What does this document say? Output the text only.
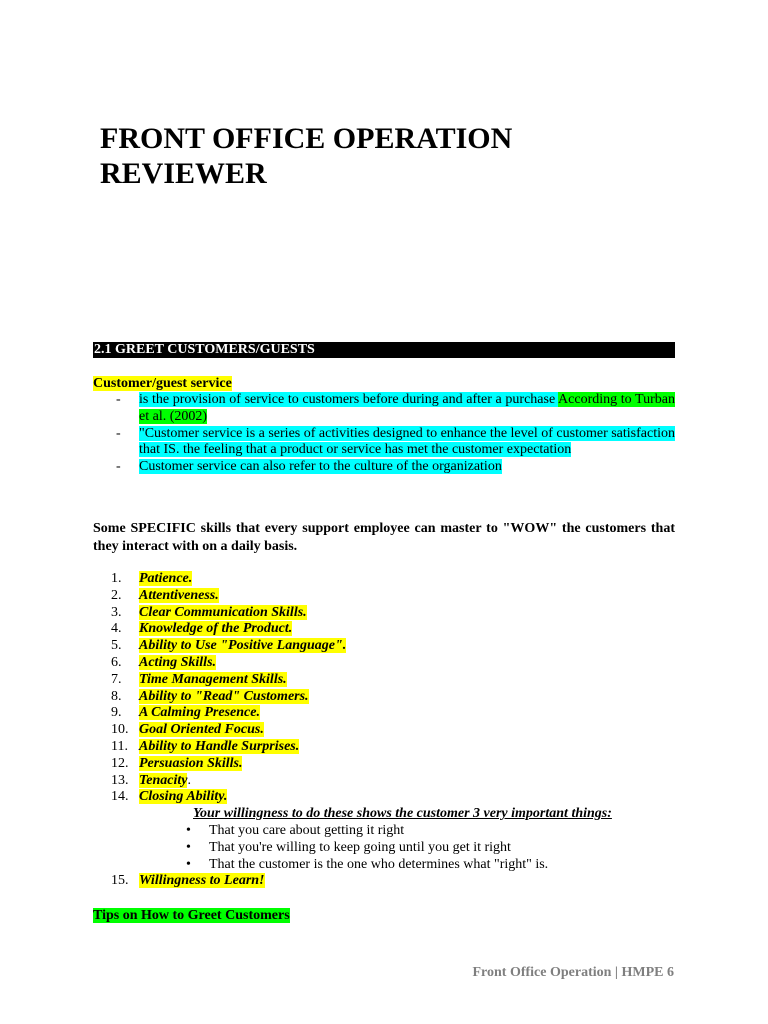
FRONT OFFICE OPERATION
REVIEWER
2.1 GREET CUSTOMERS/GUESTS
Customer/guest service
- is the provision of service to customers before during and after a purchase According to Turban et al. (2002)
- "Customer service is a series of activities designed to enhance the level of customer satisfaction that IS. the feeling that a product or service has met the customer expectation
- Customer service can also refer to the culture of the organization

Some SPECIFIC skills that every support employee can master to "WOW" the customers that they interact with on a daily basis.

1. Patience.
2. Attentiveness.
3. Clear Communication Skills.
4. Knowledge of the Product.
5. Ability to Use "Positive Language".
6. Acting Skills.
7. Time Management Skills.
8. Ability to "Read" Customers.
9. A Calming Presence.
10. Goal Oriented Focus.
11. Ability to Handle Surprises.
12. Persuasion Skills.
13. Tenacity.
14. Closing Ability.
Your willingness to do these shows the customer 3 very important things:
• That you care about getting it right
• That you're willing to keep going until you get it right
• That the customer is the one who determines what "right" is.
15. Willingness to Learn!
Tips on How to Greet Customers
Front Office Operation | HMPE 6
